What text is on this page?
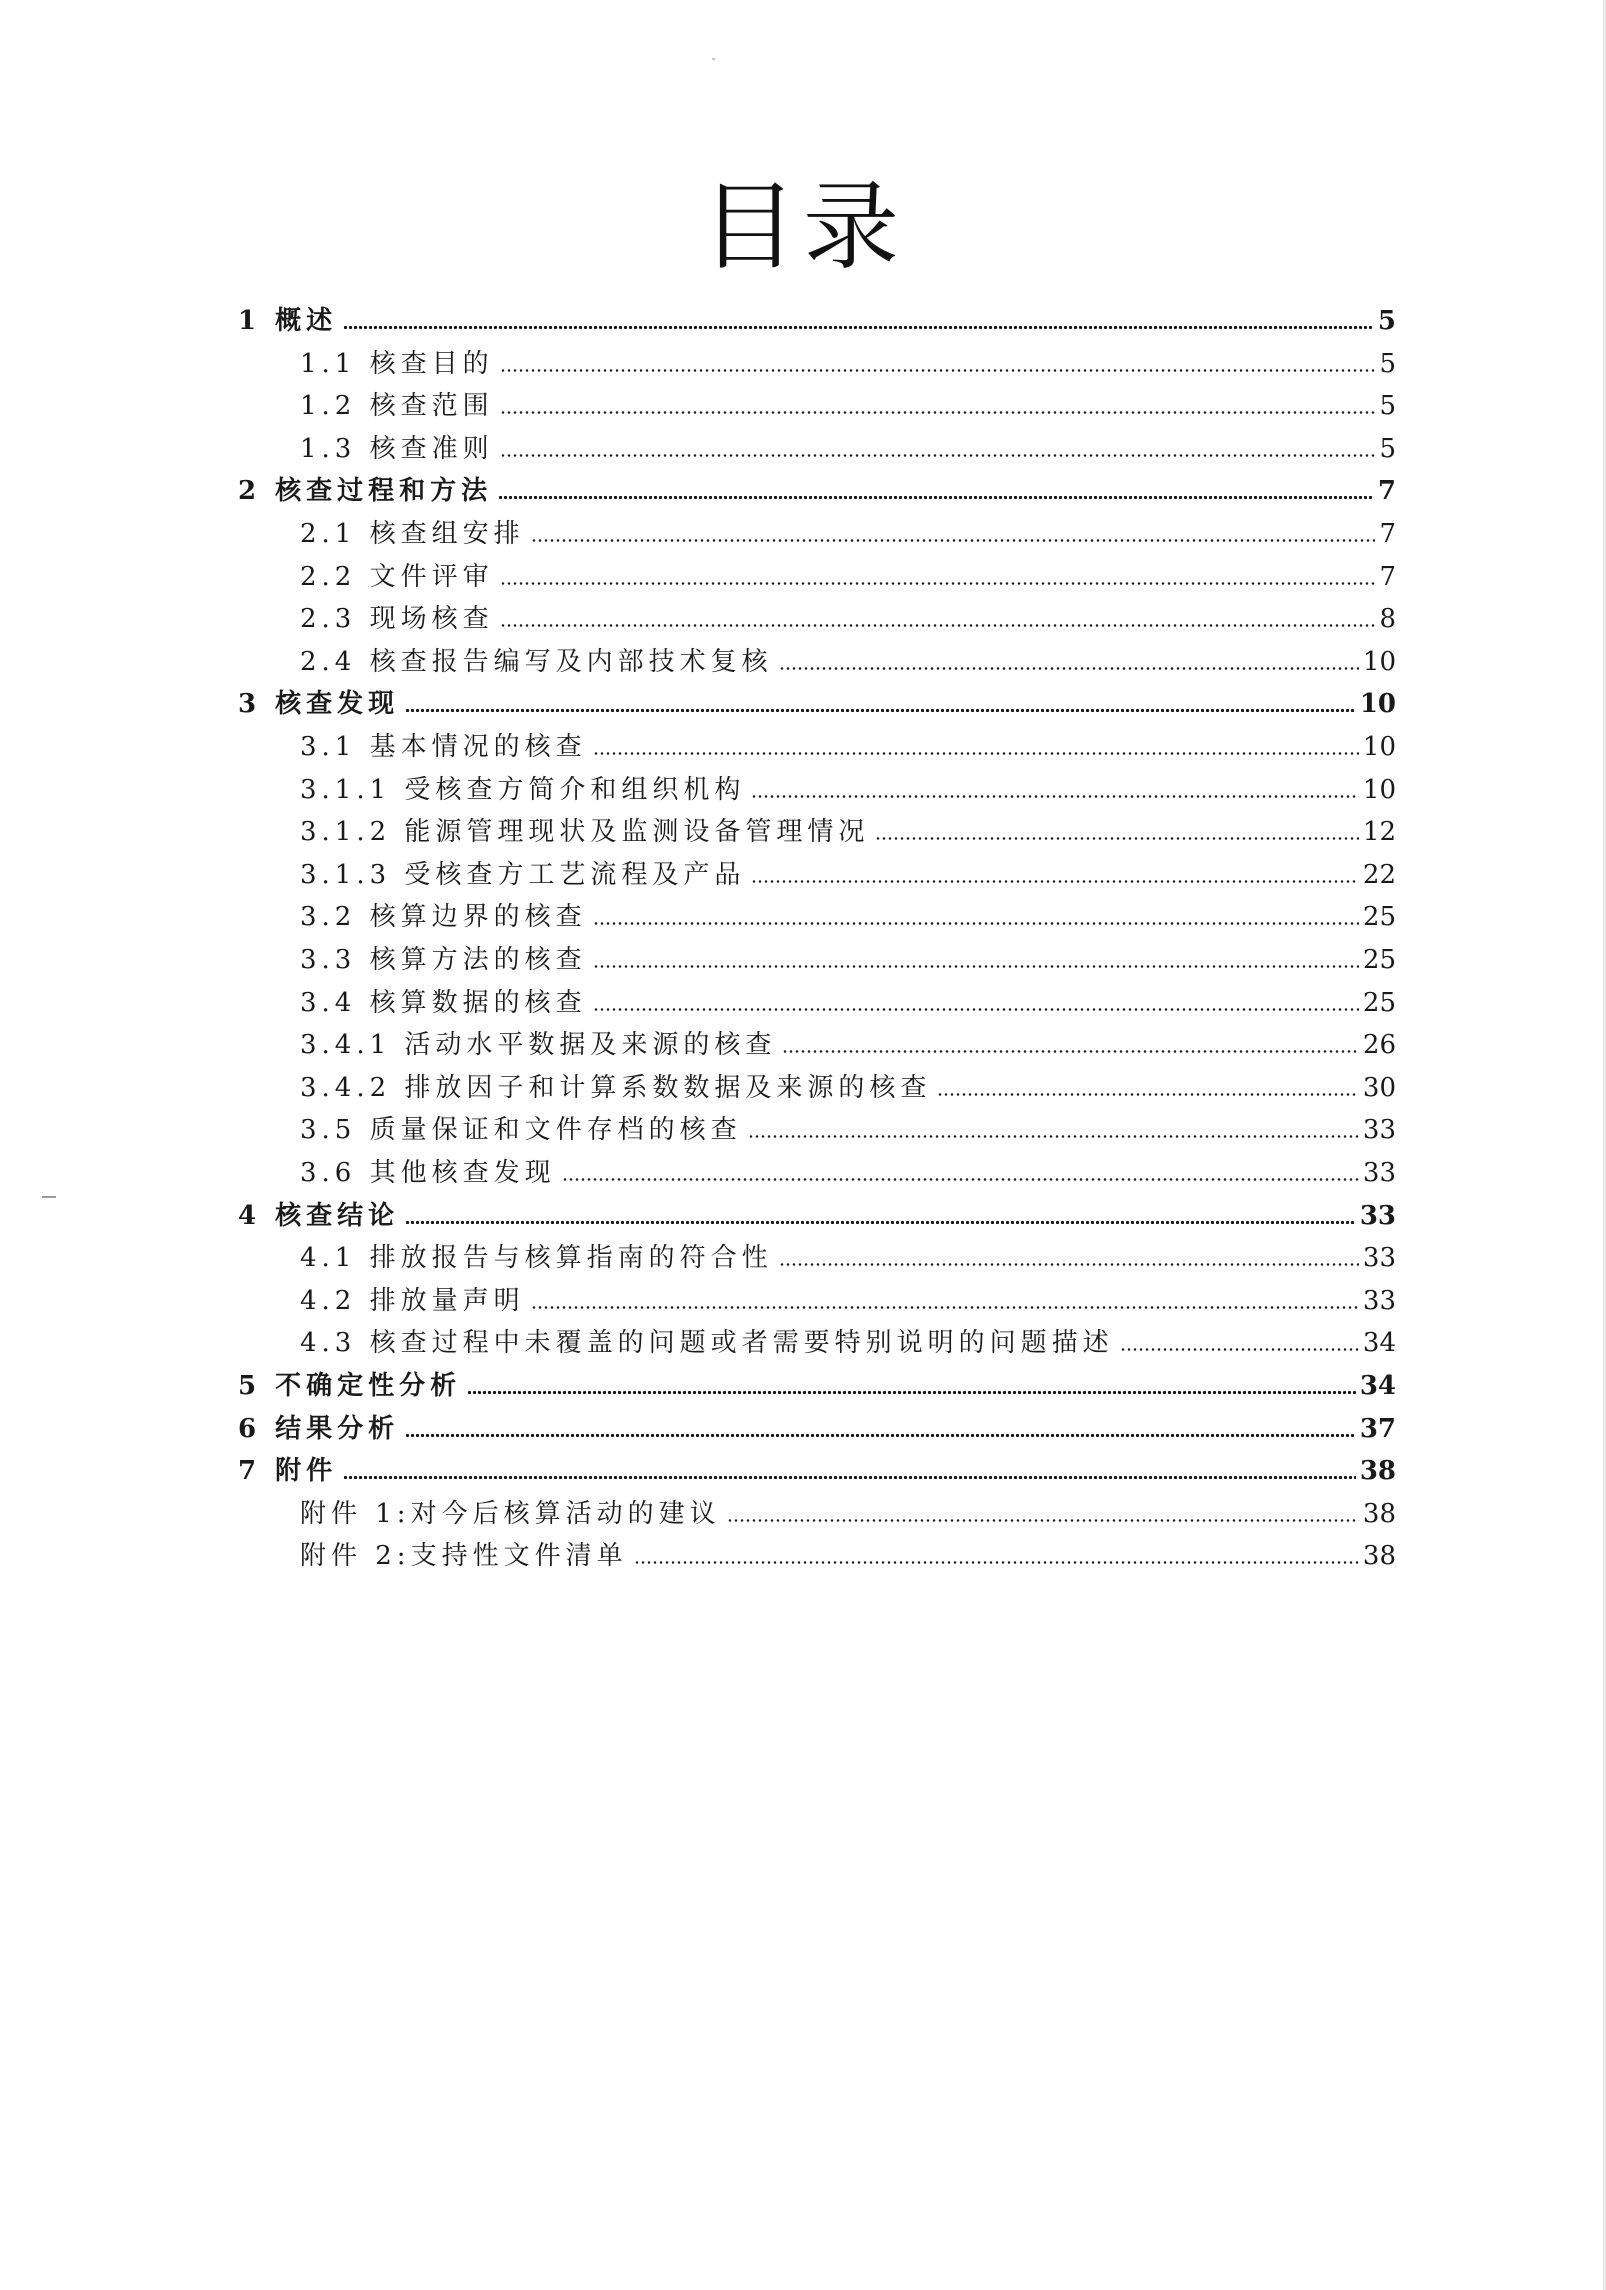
目录
1 概述	5
1.1 核查目的	5
1.2 核查范围	5
1.3 核查准则	5
2 核查过程和方法	7
2.1 核查组安排	7
2.2 文件评审	7
2.3 现场核查	8
2.4 核查报告编写及内部技术复核	10
3 核查发现	10
3.1 基本情况的核查	10
3.1.1 受核查方简介和组织机构	10
3.1.2 能源管理现状及监测设备管理情况	12
3.1.3 受核查方工艺流程及产品	22
3.2 核算边界的核查	25
3.3 核算方法的核查	25
3.4 核算数据的核查	25
3.4.1 活动水平数据及来源的核查	26
3.4.2 排放因子和计算系数数据及来源的核查	30
3.5 质量保证和文件存档的核查	33
3.6 其他核查发现	33
4 核查结论	33
4.1 排放报告与核算指南的符合性	33
4.2 排放量声明	33
4.3 核查过程中未覆盖的问题或者需要特别说明的问题描述	34
5 不确定性分析	34
6 结果分析	37
7 附件	38
附件 1:对今后核算活动的建议	38
附件 2:支持性文件清单	38
